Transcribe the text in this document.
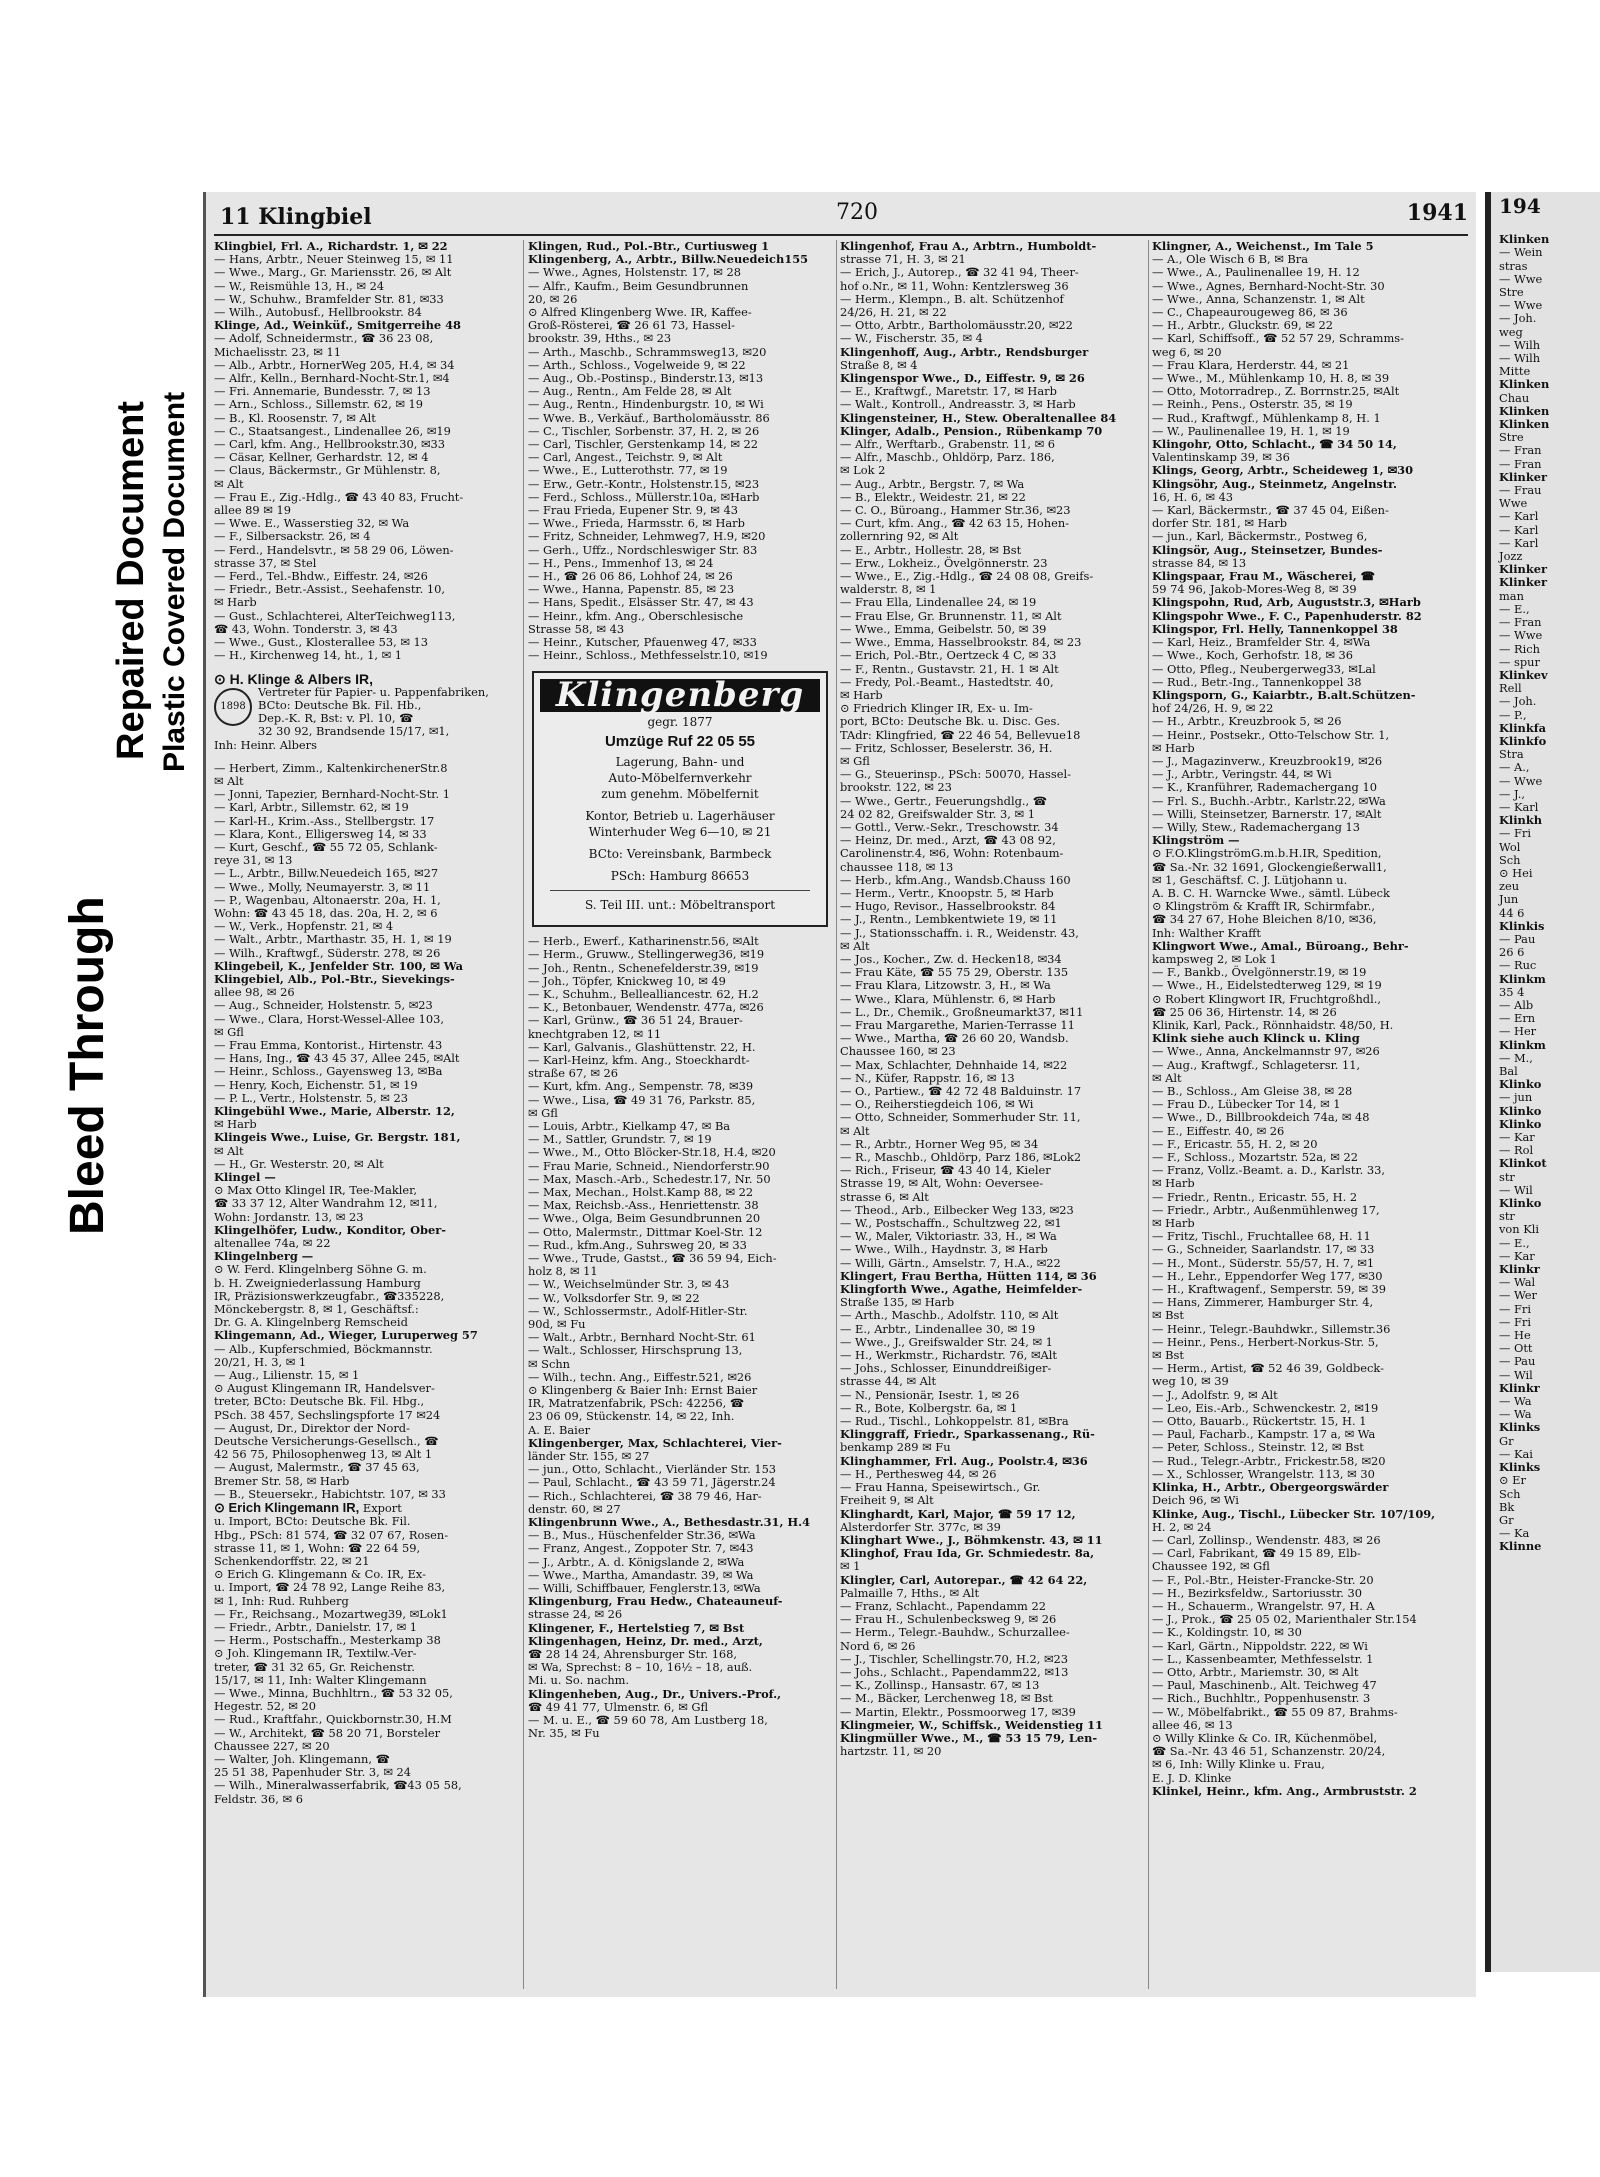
Bleed Through
Repaired Document Plastic Covered Document
11 Klingbiel	720	1941
Klingbiel, Frl. A., Richardstr. 1, ✉ 22
— Hans, Arbtr., Neuer Steinweg 15, ✉ 11
— Wwe., Marg., Gr. Mariensstr. 26, ✉ Alt
— W., Reismühle 13, H., ✉ 24
— W., Schuhw., Bramfelder Str. 81, ✉33
— Wilh., Autobusf., Hellbrookstr. 84
Klinge, Ad., Weinküf., Smitgerreihe 48
— Adolf, Schneidermstr., ☎ 36 23 08,
Michaelisstr. 23, ✉ 11
— Alb., Arbtr., HornerWeg 205, H.4, ✉ 34
— Alfr., Kelln., Bernhard-Nocht-Str.1, ✉4
— Fri. Annemarie, Bundesstr. 7, ✉ 13
— Arn., Schloss., Sillemstr. 62, ✉ 19
— B., Kl. Roosenstr. 7, ✉ Alt
— C., Staatsangest., Lindenallee 26, ✉19
— Carl, kfm. Ang., Hellbrookstr.30, ✉33
— Cäsar, Kellner, Gerhardstr. 12, ✉ 4
— Claus, Bäckermstr., Gr Mühlenstr. 8,
✉ Alt
— Frau E., Zig.-Hdlg., ☎ 43 40 83, Frucht-
allee 89 ✉ 19
— Wwe. E., Wasserstieg 32, ✉ Wa
— F., Silbersackstr. 26, ✉ 4
— Ferd., Handelsvtr., ✉ 58 29 06, Löwen-
strasse 37, ✉ Stel
— Ferd., Tel.-Bhdw., Eiffestr. 24, ✉26
— Friedr., Betr.-Assist., Seehafenstr. 10,
✉ Harb
— Gust., Schlachterei, AlterTeichweg113,
☎ 43, Wohn. Tonderstr. 3, ✉ 43
— Wwe., Gust., Klosterallee 53, ✉ 13
— H., Kirchenweg 14, ht., 1, ✉ 1
⊙ H. Klinge & Albers IR,
1898
Vertreter für Papier- u. Pappenfabriken,
BCto: Deutsche Bk. Fil. Hb.,
Dep.-K. R, Bst: v. Pl. 10, ☎
32 30 92, Brandsende 15/17, ✉1,
Inh: Heinr. Albers
— Herbert, Zimm., KaltenkirchenerStr.8
✉ Alt
— Jonni, Tapezier, Bernhard-Nocht-Str. 1
— Karl, Arbtr., Sillemstr. 62, ✉ 19
— Karl-H., Krim.-Ass., Stellbergstr. 17
— Klara, Kont., Elligersweg 14, ✉ 33
— Kurt, Geschf., ☎ 55 72 05, Schlank-
reye 31, ✉ 13
— L., Arbtr., Billw.Neuedeich 165, ✉27
— Wwe., Molly, Neumayerstr. 3, ✉ 11
— P., Wagenbau, Altonaerstr. 20a, H. 1,
Wohn: ☎ 43 45 18, das. 20a, H. 2, ✉ 6
— W., Verk., Hopfenstr. 21, ✉ 4
— Walt., Arbtr., Marthastr. 35, H. 1, ✉ 19
— Wilh., Kraftwgf., Süderstr. 278, ✉ 26
Klingebeil, K., Jenfelder Str. 100, ✉ Wa
Klingebiel, Alb., Pol.-Btr., Sievekings-
allee 98, ✉ 26
— Aug., Schneider, Holstenstr. 5, ✉23
— Wwe., Clara, Horst-Wessel-Allee 103,
✉ Gfl
— Frau Emma, Kontorist., Hirtenstr. 43
— Hans, Ing., ☎ 43 45 37, Allee 245, ✉Alt
— Heinr., Schloss., Gayensweg 13, ✉Ba
— Henry, Koch, Eichenstr. 51, ✉ 19
— P. L., Vertr., Holstenstr. 5, ✉ 23
Klingebühl Wwe., Marie, Alberstr. 12,
✉ Harb
Klingeis Wwe., Luise, Gr. Bergstr. 181,
✉ Alt
— H., Gr. Westerstr. 20, ✉ Alt
Klingel —
⊙ Max Otto Klingel IR, Tee-Makler,
☎ 33 37 12, Alter Wandrahm 12, ✉11,
Wohn: Jordanstr. 13, ✉ 23
Klingelhöfer, Ludw., Konditor, Ober-
altenallee 74a, ✉ 22
Klingelnberg —
⊙ W. Ferd. Klingelnberg Söhne G. m.
b. H. Zweigniederlassung Hamburg
IR, Präzisionswerkzeugfabr., ☎335228,
Mönckebergstr. 8, ✉ 1, Geschäftsf.:
Dr. G. A. Klingelnberg Remscheid
Klingemann, Ad., Wieger, Luruperweg 57
— Alb., Kupferschmied, Böckmannstr.
20/21, H. 3, ✉ 1
— Aug., Lilienstr. 15, ✉ 1
⊙ August Klingemann IR, Handelsver-
treter, BCto: Deutsche Bk. Fil. Hbg.,
PSch. 38 457, Sechslingspforte 17 ✉24
— August, Dr., Direktor der Nord-
Deutsche Versicherungs-Gesellsch., ☎
42 56 75, Philosophenweg 13, ✉ Alt 1
— August, Malermstr., ☎ 37 45 63,
Bremer Str. 58, ✉ Harb
— B., Steuersekr., Habichtstr. 107, ✉ 33
⊙ Erich Klingemann IR, Export
u. Import, BCto: Deutsche Bk. Fil.
Hbg., PSch: 81 574, ☎ 32 07 67, Rosen-
strasse 11, ✉ 1, Wohn: ☎ 22 64 59,
Schenkendorffstr. 22, ✉ 21
⊙ Erich G. Klingemann & Co. IR, Ex-
u. Import, ☎ 24 78 92, Lange Reihe 83,
✉ 1, Inh: Rud. Ruhberg
— Fr., Reichsang., Mozartweg39, ✉Lok1
— Friedr., Arbtr., Danielstr. 17, ✉ 1
— Herm., Postschaffn., Mesterkamp 38
⊙ Joh. Klingemann IR, Textilw.-Ver-
treter, ☎ 31 32 65, Gr. Reichenstr.
15/17, ✉ 11, Inh: Walter Klingemann
— Wwe., Minna, Buchhltrn., ☎ 53 32 05,
Hegestr. 52, ✉ 20
— Rud., Kraftfahr., Quickbornstr.30, H.M
— W., Architekt, ☎ 58 20 71, Borsteler
Chaussee 227, ✉ 20
— Walter, Joh. Klingemann, ☎
25 51 38, Papenhuder Str. 3, ✉ 24
— Wilh., Mineralwasserfabrik, ☎43 05 58,
Feldstr. 36, ✉ 6
Klingen, Rud., Pol.-Btr., Curtiusweg 1
Klingenberg, A., Arbtr., Billw.Neuedeich155
— Wwe., Agnes, Holstenstr. 17, ✉ 28
— Alfr., Kaufm., Beim Gesundbrunnen
20, ✉ 26
⊙ Alfred Klingenberg Wwe. IR, Kaffee-
Groß-Rösterei, ☎ 26 61 73, Hassel-
brookstr. 39, Hths., ✉ 23
— Arth., Maschb., Schrammsweg13, ✉20
— Arth., Schloss., Vogelweide 9, ✉ 22
— Aug., Ob.-Postinsp., Binderstr.13, ✉13
— Aug., Rentn., Am Felde 28, ✉ Alt
— Aug., Rentn., Hindenburgstr. 10, ✉ Wi
— Wwe. B., Verkäuf., Bartholomäusstr. 86
— C., Tischler, Sorbenstr. 37, H. 2, ✉ 26
— Carl, Tischler, Gerstenkamp 14, ✉ 22
— Carl, Angest., Teichstr. 9, ✉ Alt
— Wwe., E., Lutterothstr. 77, ✉ 19
— Erw., Getr.-Kontr., Holstenstr.15, ✉23
— Ferd., Schloss., Müllerstr.10a, ✉Harb
— Frau Frieda, Eupener Str. 9, ✉ 43
— Wwe., Frieda, Harmsstr. 6, ✉ Harb
— Fritz, Schneider, Lehmweg7, H.9, ✉20
— Gerh., Uffz., Nordschleswiger Str. 83
— H., Pens., Immenhof 13, ✉ 24
— H., ☎ 26 06 86, Lohhof 24, ✉ 26
— Wwe., Hanna, Papenstr. 85, ✉ 23
— Hans, Spedit., Elsässer Str. 47, ✉ 43
— Heinr., kfm. Ang., Oberschlesische
Strasse 58, ✉ 43
— Heinr., Kutscher, Pfauenweg 47, ✉33
— Heinr., Schloss., Methfesselstr.10, ✉19
Klingenberg
gegr. 1877
Umzüge Ruf 22 05 55
Lagerung, Bahn- und
Auto-Möbelfernverkehr
zum genehm. Möbelfernit
Kontor, Betrieb u. Lagerhäuser
Winterhuder Weg 6—10, ✉ 21
BCto: Vereinsbank, Barmbeck
PSch: Hamburg 86653
S. Teil III. unt.: Möbeltransport
— Herb., Ewerf., Katharinenstr.56, ✉Alt
— Herm., Gruww., Stellingerweg36, ✉19
— Joh., Rentn., Schenefelderstr.39, ✉19
— Joh., Töpfer, Knickweg 10, ✉ 49
— K., Schuhm., Bellealliancestr. 62, H.2
— K., Betonbauer, Wendenstr. 477a, ✉26
— Karl, Grünw., ☎ 36 51 24, Brauer-
knechtgraben 12, ✉ 11
— Karl, Galvanis., Glashüttenstr. 22, H.
— Karl-Heinz, kfm. Ang., Stoeckhardt-
straße 67, ✉ 26
— Kurt, kfm. Ang., Sempenstr. 78, ✉39
— Wwe., Lisa, ☎ 49 31 76, Parkstr. 85,
✉ Gfl
— Louis, Arbtr., Kielkamp 47, ✉ Ba
— M., Sattler, Grundstr. 7, ✉ 19
— Wwe., M., Otto Blöcker-Str.18, H.4, ✉20
— Frau Marie, Schneid., Niendorferstr.90
— Max, Masch.-Arb., Schedestr.17, Nr. 50
— Max, Mechan., Holst.Kamp 88, ✉ 22
— Max, Reichsb.-Ass., Henriettenstr. 38
— Wwe., Olga, Beim Gesundbrunnen 20
— Otto, Malermstr., Dittmar Koel-Str. 12
— Rud., kfm.Ang., Suhrsweg 20, ✉ 33
— Wwe., Trude, Gastst., ☎ 36 59 94, Eich-
holz 8, ✉ 11
— W., Weichselmünder Str. 3, ✉ 43
— W., Volksdorfer Str. 9, ✉ 22
— W., Schlossermstr., Adolf-Hitler-Str.
90d, ✉ Fu
— Walt., Arbtr., Bernhard Nocht-Str. 61
— Walt., Schlosser, Hirschsprung 13,
✉ Schn
— Wilh., techn. Ang., Eiffestr.521, ✉26
⊙ Klingenberg & Baier Inh: Ernst Baier
IR, Matratzenfabrik, PSch: 42256, ☎
23 06 09, Stückenstr. 14, ✉ 22, Inh.
A. E. Baier
Klingenberger, Max, Schlachterei, Vier-
länder Str. 155, ✉ 27
— jun., Otto, Schlacht., Vierländer Str. 153
— Paul, Schlacht., ☎ 43 59 71, Jägerstr.24
— Rich., Schlachterei, ☎ 38 79 46, Har-
denstr. 60, ✉ 27
Klingenbrunn Wwe., A., Bethesdastr.31, H.4
— B., Mus., Hüschenfelder Str.36, ✉Wa
— Franz, Angest., Zoppoter Str. 7, ✉43
— J., Arbtr., A. d. Königslande 2, ✉Wa
— Wwe., Martha, Amandastr. 39, ✉ Wa
— Willi, Schiffbauer, Fenglerstr.13, ✉Wa
Klingenburg, Frau Hedw., Chateauneuf-
strasse 24, ✉ 26
Klingener, F., Hertelstieg 7, ✉ Bst
Klingenhagen, Heinz, Dr. med., Arzt,
☎ 28 14 24, Ahrensburger Str. 168,
✉ Wa, Sprechst: 8 – 10, 16½ – 18, auß.
Mi. u. So. nachm.
Klingenheben, Aug., Dr., Univers.-Prof.,
☎ 49 41 77, Ulmenstr. 6, ✉ Gfl
— M. u. E., ☎ 59 60 78, Am Lustberg 18,
Nr. 35, ✉ Fu
Klingenhof, Frau A., Arbtrn., Humboldt-
strasse 71, H. 3, ✉ 21
— Erich, J., Autorep., ☎ 32 41 94, Theer-
hof o.Nr., ✉ 11, Wohn: Kentzlersweg 36
— Herm., Klempn., B. alt. Schützenhof
24/26, H. 21, ✉ 22
— Otto, Arbtr., Bartholomäusstr.20, ✉22
— W., Fischerstr. 35, ✉ 4
Klingenhoff, Aug., Arbtr., Rendsburger
Straße 8, ✉ 4
Klingenspor Wwe., D., Eiffestr. 9, ✉ 26
— E., Kraftwgf., Maretstr. 17, ✉ Harb
— Walt., Kontroll., Andreasstr. 3, ✉ Harb
Klingensteiner, H., Stew. Oberaltenallee 84
Klinger, Adalb., Pension., Rübenkamp 70
— Alfr., Werftarb., Grabenstr. 11, ✉ 6
— Alfr., Maschb., Ohldörp, Parz. 186,
✉ Lok 2
— Aug., Arbtr., Bergstr. 7, ✉ Wa
— B., Elektr., Weidestr. 21, ✉ 22
— C. O., Büroang., Hammer Str.36, ✉23
— Curt, kfm. Ang., ☎ 42 63 15, Hohen-
zollernring 92, ✉ Alt
— E., Arbtr., Hollestr. 28, ✉ Bst
— Erw., Lokheiz., Övelgönnerstr. 23
— Wwe., E., Zig.-Hdlg., ☎ 24 08 08, Greifs-
walderstr. 8, ✉ 1
— Frau Ella, Lindenallee 24, ✉ 19
— Frau Else, Gr. Brunnenstr. 11, ✉ Alt
— Wwe., Emma, Geibelstr. 50, ✉ 39
— Wwe., Emma, Hasselbrookstr. 84, ✉ 23
— Erich, Pol.-Btr., Oertzeck 4 C, ✉ 33
— F., Rentn., Gustavstr. 21, H. 1 ✉ Alt
— Fredy, Pol.-Beamt., Hastedtstr. 40,
✉ Harb
⊙ Friedrich Klinger IR, Ex- u. Im-
port, BCto: Deutsche Bk. u. Disc. Ges.
TAdr: Klingfried, ☎ 22 46 54, Bellevue18
— Fritz, Schlosser, Beselerstr. 36, H.
✉ Gfl
— G., Steuerinsp., PSch: 50070, Hassel-
brookstr. 122, ✉ 23
— Wwe., Gertr., Feuerungshdlg., ☎
24 02 82, Greifswalder Str. 3, ✉ 1
— Gottl., Verw.-Sekr., Treschowstr. 34
— Heinz, Dr. med., Arzt, ☎ 43 08 92,
Carolinenstr.4, ✉6, Wohn: Rotenbaum-
chaussee 118, ✉ 13
— Herb., kfm.Ang., Wandsb.Chauss 160
— Herm., Vertr., Knoopstr. 5, ✉ Harb
— Hugo, Revisor., Hasselbrookstr. 84
— J., Rentn., Lembkentwiete 19, ✉ 11
— J., Stationsschaffn. i. R., Weidenstr. 43,
✉ Alt
— Jos., Kocher., Zw. d. Hecken18, ✉34
— Frau Käte, ☎ 55 75 29, Oberstr. 135
— Frau Klara, Litzowstr. 3, H., ✉ Wa
— Wwe., Klara, Mühlenstr. 6, ✉ Harb
— L., Dr., Chemik., Großneumarkt37, ✉11
— Frau Margarethe, Marien-Terrasse 11
— Wwe., Martha, ☎ 26 60 20, Wandsb.
Chaussee 160, ✉ 23
— Max, Schlachter, Dehnhaide 14, ✉22
— N., Küfer, Rappstr. 16, ✉ 13
— O., Partiew., ☎ 42 72 48 Balduinstr. 17
— O., Reiherstiegdeich 106, ✉ Wi
— Otto, Schneider, Sommerhuder Str. 11,
✉ Alt
— R., Arbtr., Horner Weg 95, ✉ 34
— R., Maschb., Ohldörp, Parz 186, ✉Lok2
— Rich., Friseur, ☎ 43 40 14, Kieler
Strasse 19, ✉ Alt, Wohn: Oeversee-
strasse 6, ✉ Alt
— Theod., Arb., Eilbecker Weg 133, ✉23
— W., Postschaffn., Schultzweg 22, ✉1
— W., Maler, Viktoriastr. 33, H., ✉ Wa
— Wwe., Wilh., Haydnstr. 3, ✉ Harb
— Willi, Gärtn., Amselstr. 7, H.A., ✉22
Klingert, Frau Bertha, Hütten 114, ✉ 36
Klingforth Wwe., Agathe, Heimfelder-
Straße 135, ✉ Harb
— Arth., Maschb., Adolfstr. 110, ✉ Alt
— E., Arbtr., Lindenallee 30, ✉ 19
— Wwe., J., Greifswalder Str. 24, ✉ 1
— H., Werkmstr., Richardstr. 76, ✉Alt
— Johs., Schlosser, Einunddreißiger-
strasse 44, ✉ Alt
— N., Pensionär, Isestr. 1, ✉ 26
— R., Bote, Kolbergstr. 6a, ✉ 1
— Rud., Tischl., Lohkoppelstr. 81, ✉Bra
Klinggraff, Friedr., Sparkassenang., Rü-
benkamp 289 ✉ Fu
Klinghammer, Frl. Aug., Poolstr.4, ✉36
— H., Perthesweg 44, ✉ 26
— Frau Hanna, Speisewirtsch., Gr.
Freiheit 9, ✉ Alt
Klinghardt, Karl, Major, ☎ 59 17 12,
Alsterdorfer Str. 377c, ✉ 39
Klinghart Wwe., J., Böhmkenstr. 43, ✉ 11
Klinghof, Frau Ida, Gr. Schmiedestr. 8a,
✉ 1
Klingler, Carl, Autorepar., ☎ 42 64 22,
Palmaille 7, Hths., ✉ Alt
— Franz, Schlacht., Papendamm 22
— Frau H., Schulenbecksweg 9, ✉ 26
— Herm., Telegr.-Bauhdw., Schurzallee-
Nord 6, ✉ 26
— J., Tischler, Schellingstr.70, H.2, ✉23
— Johs., Schlacht., Papendamm22, ✉13
— K., Zollinsp., Hansastr. 67, ✉ 13
— M., Bäcker, Lerchenweg 18, ✉ Bst
— Martin, Elektr., Possmoorweg 17, ✉39
Klingmeier, W., Schiffsk., Weidenstieg 11
Klingmüller Wwe., M., ☎ 53 15 79, Len-
hartzstr. 11, ✉ 20
Klingner, A., Weichenst., Im Tale 5
— A., Ole Wisch 6 B, ✉ Bra
— Wwe., A., Paulinenallee 19, H. 12
— Wwe., Agnes, Bernhard-Nocht-Str. 30
— Wwe., Anna, Schanzenstr. 1, ✉ Alt
— C., Chapeaurougeweg 86, ✉ 36
— H., Arbtr., Gluckstr. 69, ✉ 22
— Karl, Schiffsoff., ☎ 52 57 29, Schramms-
weg 6, ✉ 20
— Frau Klara, Herderstr. 44, ✉ 21
— Wwe., M., Mühlenkamp 10, H. 8, ✉ 39
— Otto, Motorradrep., Z. Borrnstr.25, ✉Alt
— Reinh., Pens., Osterstr. 35, ✉ 19
— Rud., Kraftwgf., Mühlenkamp 8, H. 1
— W., Paulinenallee 19, H. 1, ✉ 19
Klingohr, Otto, Schlacht., ☎ 34 50 14,
Valentinskamp 39, ✉ 36
Klings, Georg, Arbtr., Scheideweg 1, ✉30
Klingsöhr, Aug., Steinmetz, Angelnstr.
16, H. 6, ✉ 43
— Karl, Bäckermstr., ☎ 37 45 04, Eißen-
dorfer Str. 181, ✉ Harb
— jun., Karl, Bäckermstr., Postweg 6,
Klingsör, Aug., Steinsetzer, Bundes-
strasse 84, ✉ 13
Klingspaar, Frau M., Wäscherei, ☎
59 74 96, Jakob-Mores-Weg 8, ✉ 39
Klingspohn, Rud, Arb, Auguststr.3, ✉Harb
Klingspohr Wwe., F. C., Papenhuderstr. 82
Klingspor, Frl. Helly, Tannenkoppel 38
— Karl, Heiz., Bramfelder Str. 4, ✉Wa
— Wwe., Koch, Gerhofstr. 18, ✉ 36
— Otto, Pfleg., Neubergerweg33, ✉Lal
— Rud., Betr.-Ing., Tannenkoppel 38
Klingsporn, G., Kaiarbtr., B.alt.Schützen-
hof 24/26, H. 9, ✉ 22
— H., Arbtr., Kreuzbrook 5, ✉ 26
— Heinr., Postsekr., Otto-Telschow Str. 1,
✉ Harb
— J., Magazinverw., Kreuzbrook19, ✉26
— J., Arbtr., Veringstr. 44, ✉ Wi
— K., Kranführer, Rademachergang 10
— Frl. S., Buchh.-Arbtr., Karlstr.22, ✉Wa
— Willi, Steinsetzer, Barnerstr. 17, ✉Alt
— Willy, Stew., Rademachergang 13
Klingström —
⊙ F.O.KlingströmG.m.b.H.IR, Spedition,
☎ Sa.-Nr. 32 1691, Glockengießerwall1,
✉ 1, Geschäftsf. C. J. Lütjohann u.
A. B. C. H. Warncke Wwe., sämtl. Lübeck
⊙ Klingström & Krafft IR, Schirmfabr.,
☎ 34 27 67, Hohe Bleichen 8/10, ✉36,
Inh: Walther Krafft
Klingwort Wwe., Amal., Büroang., Behr-
kampsweg 2, ✉ Lok 1
— F., Bankb., Övelgönnerstr.19, ✉ 19
— Wwe., H., Eidelstedterweg 129, ✉ 19
⊙ Robert Klingwort IR, Fruchtgroßhdl.,
☎ 25 06 36, Hirtenstr. 14, ✉ 26
Klinik, Karl, Pack., Rönnhaidstr. 48/50, H.
Klink siehe auch Klinck u. Kling
— Wwe., Anna, Anckelmannstr 97, ✉26
— Aug., Kraftwgf., Schlagetersr. 11,
✉ Alt
— B., Schloss., Am Gleise 38, ✉ 28
— Frau D., Lübecker Tor 14, ✉ 1
— Wwe., D., Billbrookdeich 74a, ✉ 48
— E., Eiffestr. 40, ✉ 26
— F., Ericastr. 55, H. 2, ✉ 20
— F., Schloss., Mozartstr. 52a, ✉ 22
— Franz, Vollz.-Beamt. a. D., Karlstr. 33,
✉ Harb
— Friedr., Rentn., Ericastr. 55, H. 2
— Friedr., Arbtr., Außenmühlenweg 17,
✉ Harb
— Fritz, Tischl., Fruchtallee 68, H. 11
— G., Schneider, Saarlandstr. 17, ✉ 33
— H., Mont., Süderstr. 55/57, H. 7, ✉1
— H., Lehr., Eppendorfer Weg 177, ✉30
— H., Kraftwagenf., Semperstr. 59, ✉ 39
— Hans, Zimmerer, Hamburger Str. 4,
✉ Bst
— Heinr., Telegr.-Bauhdwkr., Sillemstr.36
— Heinr., Pens., Herbert-Norkus-Str. 5,
✉ Bst
— Herm., Artist, ☎ 52 46 39, Goldbeck-
weg 10, ✉ 39
— J., Adolfstr. 9, ✉ Alt
— Leo, Eis.-Arb., Schwenckestr. 2, ✉19
— Otto, Bauarb., Rückertstr. 15, H. 1
— Paul, Facharb., Kampstr. 17 a, ✉ Wa
— Peter, Schloss., Steinstr. 12, ✉ Bst
— Rud., Telegr.-Arbtr., Frickestr.58, ✉20
— X., Schlosser, Wrangelstr. 113, ✉ 30
Klinka, H., Arbtr., Obergeorgswärder
Deich 96, ✉ Wi
Klinke, Aug., Tischl., Lübecker Str. 107/109,
H. 2, ✉ 24
— Carl, Zollinsp., Wendenstr. 483, ✉ 26
— Carl, Fabrikant, ☎ 49 15 89, Elb-
Chaussee 192, ✉ Gfl
— F., Pol.-Btr., Heister-Francke-Str. 20
— H., Bezirksfeldw., Sartoriusstr. 30
— H., Schauerm., Wrangelstr. 97, H. A
— J., Prok., ☎ 25 05 02, Marienthaler Str.154
— K., Koldingstr. 10, ✉ 30
— Karl, Gärtn., Nippoldstr. 222, ✉ Wi
— L., Kassenbeamter, Methfesselstr. 1
— Otto, Arbtr., Mariemstr. 30, ✉ Alt
— Paul, Maschinenb., Alt. Teichweg 47
— Rich., Buchhltr., Poppenhusenstr. 3
— W., Möbelfabrikt., ☎ 55 09 87, Brahms-
allee 46, ✉ 13
⊙ Willy Klinke & Co. IR, Küchenmöbel,
☎ Sa.-Nr. 43 46 51, Schanzenstr. 20/24,
✉ 6, Inh: Willy Klinke u. Frau,
E. J. D. Klinke
Klinkel, Heinr., kfm. Ang., Armbruststr. 2
194
Klinken
— Wein
stras
— Wwe
Stre
— Wwe
— Joh.
weg
— Wilh
— Wilh
Mitte
Klinken
Chau
Klinken
Klinken
Stre
— Fran
— Fran
Klinker
— Frau
Wwe
— Karl
— Karl
— Karl
Jozz
Klinker
Klinker
man
— E.,
— Fran
— Wwe
— Rich
— spur
Klinkev
Rell
— Joh.
— P.,
Klinkfa
Klinkfo
Stra
— A.,
— Wwe
— J.,
— Karl
Klinkh
— Fri
Wol
Sch
⊙ Hei
zeu
Jun
44 6
Klinkis
— Pau
26 6
— Ruc
Klinkm
35 4
— Alb
— Ern
— Her
Klinkm
— M.,
Bal
Klinko
— jun
Klinko
Klinko
— Kar
— Rol
Klinkot
str
— Wil
Klinko
str
von Kli
— E.,
— Kar
Klinkr
— Wal
— Wer
— Fri
— Fri
— He
— Ott
— Pau
— Wil
Klinkr
— Wa
— Wa
Klinks
Gr
— Kai
Klinks
⊙ Er
Sch
Bk
Gr
— Ka
Klinne
